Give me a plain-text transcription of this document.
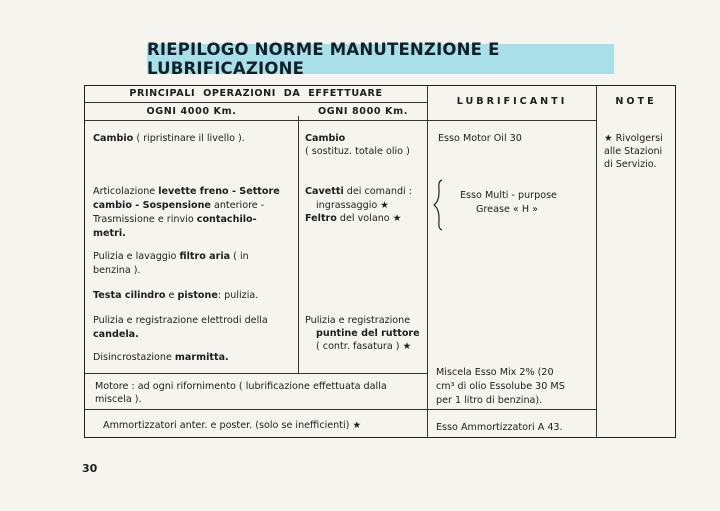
RIEPILOGO NORME MANUTENZIONE E LUBRIFICAZIONE
PRINCIPALI  OPERAZIONI  DA  EFFETTUARE
OGNI 4000 Km.	OGNI 8000 Km.
LUBRIFICANTI	NOTE
Cambio ( ripristinare il livello ).
Articolazione levette freno - Settore
cambio - Sospensione anteriore -
Trasmissione e rinvio contachilo-
metri.
Pulizia e lavaggio filtro aria ( in
benzina ).
Testa cilindro e pistone: pulizia.
Pulizia e registrazione elettrodi della
candela.
Disincrostazione marmitta.
Cambio
( sostituz. totale olio )
Cavetti dei comandi :
ingrassaggio ★
Feltro del volano ★
Pulizia e registrazione
puntine del ruttore
( contr. fasatura ) ★
Esso Motor Oil 30
Esso Multi - purpose
Grease « H »
Miscela Esso Mix 2% (20
cm³ di olio Essolube 30 MS
per 1 litro di benzina).
Esso Ammortizzatori A 43.
★ Rivolgersi
alle Stazioni
di Servizio.
Motore : ad ogni rifornimento ( lubrificazione effettuata dalla
miscela ).
Ammortizzatori anter. e poster. (solo se inefficienti) ★
30
